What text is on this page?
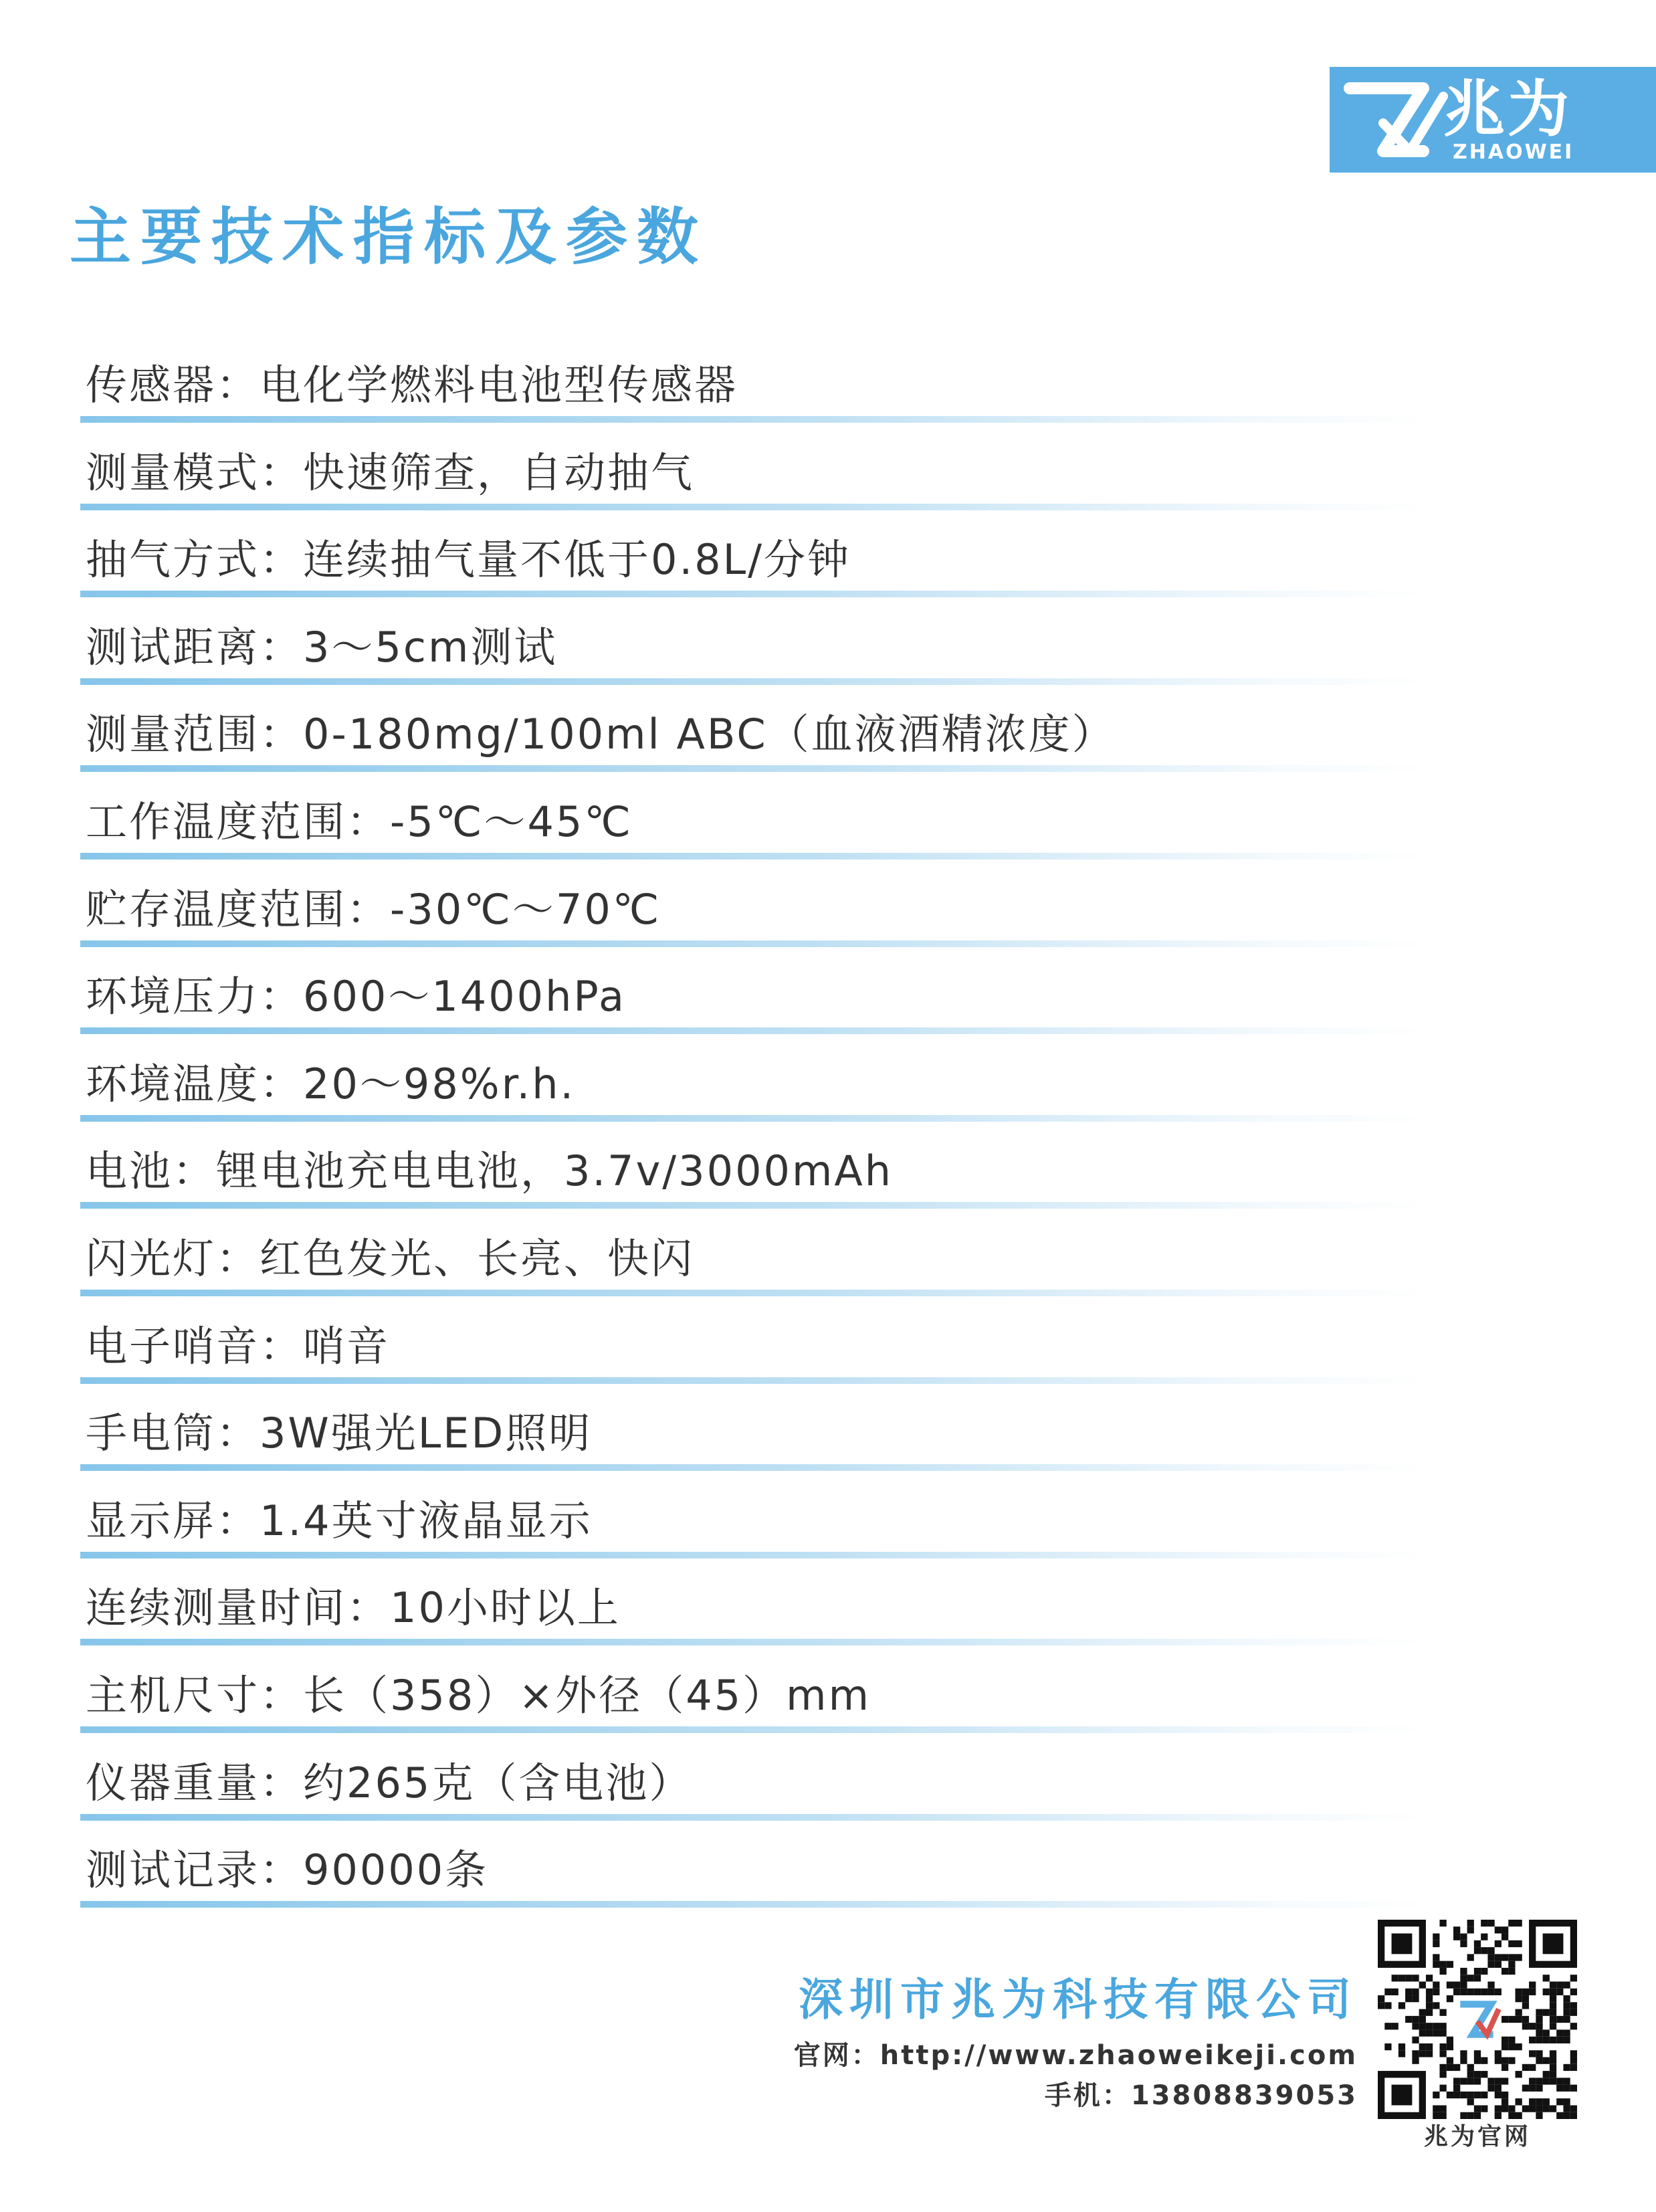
兆为
ZHAOWEI
主要技术指标及参数
传感器：电化学燃料电池型传感器
测量模式：快速筛查，自动抽气
抽气方式：连续抽气量不低于0.8L/分钟
测试距离：3～5cm测试
测量范围：0-180mg/100ml ABC（血液酒精浓度）
工作温度范围：-5℃～45℃
贮存温度范围：-30℃～70℃
环境压力：600～1400hPa
环境温度：20～98%r.h.
电池：锂电池充电电池，3.7v/3000mAh
闪光灯：红色发光、长亮、快闪
电子哨音：哨音
手电筒：3W强光LED照明
显示屏：1.4英寸液晶显示
连续测量时间：10小时以上
主机尺寸：长（358）×外径（45）mm
仪器重量：约265克（含电池）
测试记录：90000条
深圳市兆为科技有限公司
官网：http://www.zhaoweikeji.com
手机：13808839053
兆为官网
